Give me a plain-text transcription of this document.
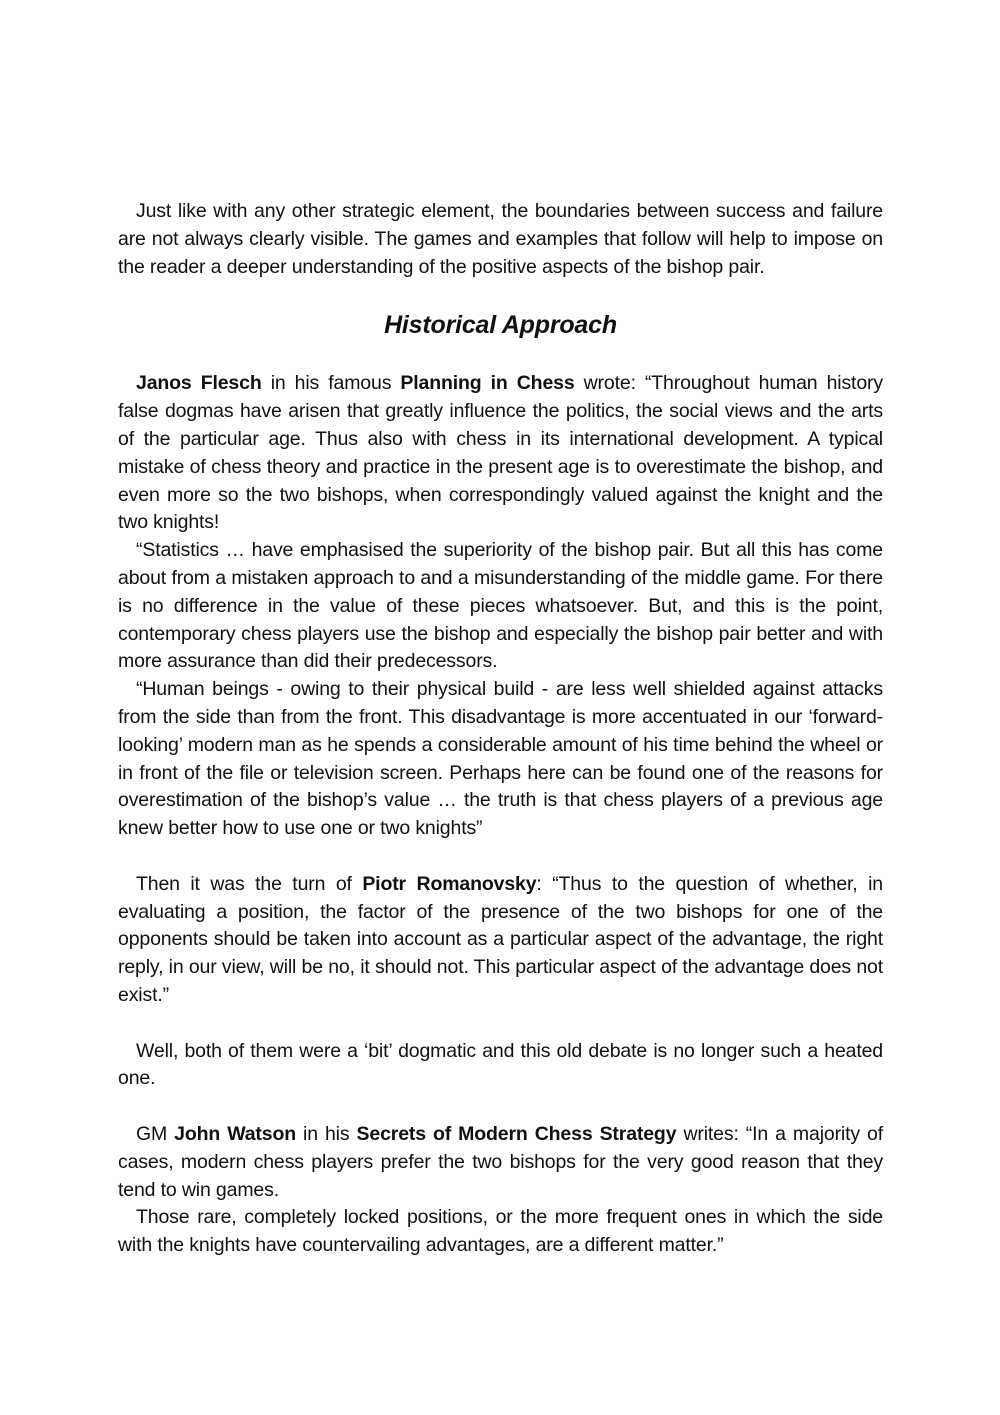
Just like with any other strategic element, the boundaries between success and failure are not always clearly visible. The games and examples that follow will help to impose on the reader a deeper understanding of the positive aspects of the bishop pair.

Historical Approach

Janos Flesch in his famous Planning in Chess wrote: “Throughout human history false dogmas have arisen that greatly influence the politics, the social views and the arts of the particular age. Thus also with chess in its international development. A typical mistake of chess theory and practice in the present age is to overestimate the bishop, and even more so the two bishops, when correspondingly valued against the knight and the two knights!

“Statistics … have emphasised the superiority of the bishop pair. But all this has come about from a mistaken approach to and a misunderstanding of the middle game. For there is no difference in the value of these pieces whatsoever. But, and this is the point, contemporary chess players use the bishop and especially the bishop pair better and with more assurance than did their predecessors.

“Human beings - owing to their physical build - are less well shielded against attacks from the side than from the front. This disadvantage is more accentuated in our ‘forward-looking’ modern man as he spends a considerable amount of his time behind the wheel or in front of the file or television screen. Perhaps here can be found one of the reasons for overestimation of the bishop’s value … the truth is that chess players of a previous age knew better how to use one or two knights”

Then it was the turn of Piotr Romanovsky: “Thus to the question of whether, in evaluating a position, the factor of the presence of the two bishops for one of the opponents should be taken into account as a particular aspect of the advantage, the right reply, in our view, will be no, it should not. This particular aspect of the advantage does not exist.”

Well, both of them were a ‘bit’ dogmatic and this old debate is no longer such a heated one.

GM John Watson in his Secrets of Modern Chess Strategy writes: “In a majority of cases, modern chess players prefer the two bishops for the very good reason that they tend to win games.

Those rare, completely locked positions, or the more frequent ones in which the side with the knights have countervailing advantages, are a different matter.”
